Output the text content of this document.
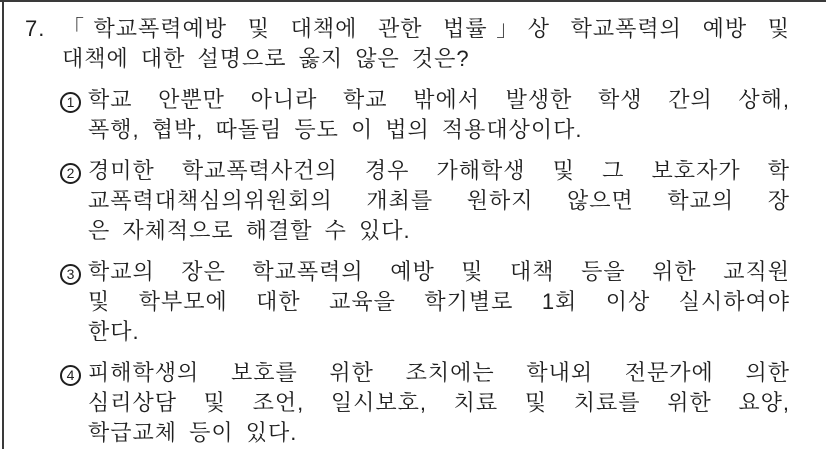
7. 「학교폭력예방 및 대책에 관한 법률」상 학교폭력의 예방 및
대책에 대한 설명으로 옳지 않은 것은?
1 학교 안뿐만 아니라 학교 밖에서 발생한 학생 간의 상해,
폭행, 협박, 따돌림 등도 이 법의 적용대상이다.
2 경미한 학교폭력사건의 경우 가해학생 및 그 보호자가 학
교폭력대책심의위원회의 개최를 원하지 않으면 학교의 장
은 자체적으로 해결할 수 있다.
3 학교의 장은 학교폭력의 예방 및 대책 등을 위한 교직원
및 학부모에 대한 교육을 학기별로 1회 이상 실시하여야
한다.
4 피해학생의 보호를 위한 조치에는 학내외 전문가에 의한
심리상담 및 조언, 일시보호, 치료 및 치료를 위한 요양,
학급교체 등이 있다.
